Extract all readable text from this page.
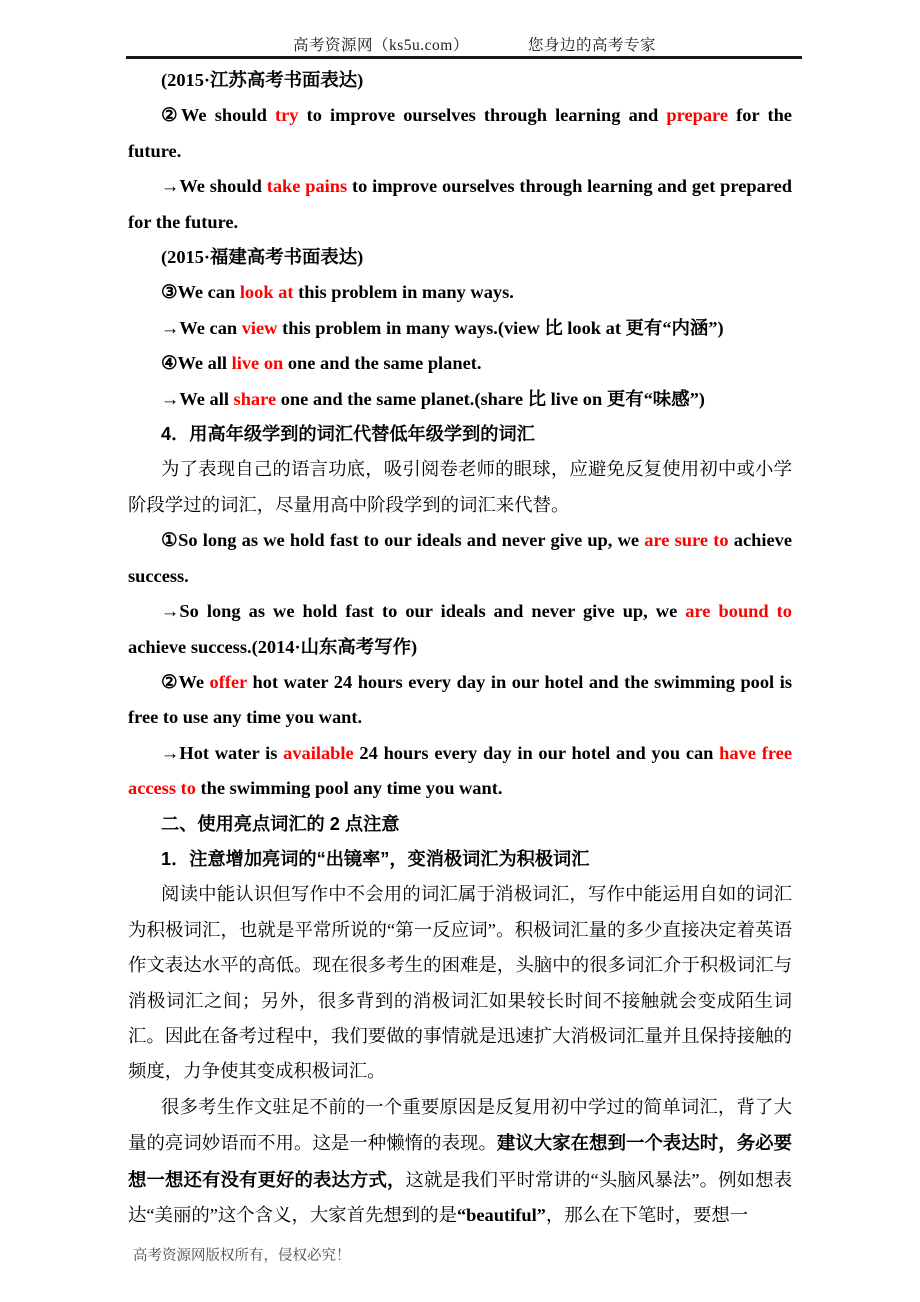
高考资源网（ks5u.com）	您身边的高考专家

(2015·江苏高考书面表达)

②We should try to improve ourselves through learning and prepare for the future.

→We should take pains to improve ourselves through learning and get prepared for the future.

(2015·福建高考书面表达)

③We can look at this problem in many ways.

→We can view this problem in many ways.(view 比 look at 更有“内涵”)

④We all live on one and the same planet.

→We all share one and the same planet.(share 比 live on 更有“味感”)

4．用高年级学到的词汇代替低年级学到的词汇

为了表现自己的语言功底，吸引阅卷老师的眼球，应避免反复使用初中或小学阶段学过的词汇，尽量用高中阶段学到的词汇来代替。

①So long as we hold fast to our ideals and never give up, we are sure to achieve success.

→So long as we hold fast to our ideals and never give up, we are bound to achieve success.(2014·山东高考写作)

②We offer hot water 24 hours every day in our hotel and the swimming pool is free to use any time you want.

→Hot water is available 24 hours every day in our hotel and you can have free access to the swimming pool any time you want.

二、使用亮点词汇的 2 点注意

1．注意增加亮词的“出镜率”，变消极词汇为积极词汇

阅读中能认识但写作中不会用的词汇属于消极词汇，写作中能运用自如的词汇为积极词汇，也就是平常所说的“第一反应词”。积极词汇量的多少直接决定着英语作文表达水平的高低。现在很多考生的困难是，头脑中的很多词汇介于积极词汇与消极词汇之间；另外，很多背到的消极词汇如果较长时间不接触就会变成陌生词汇。因此在备考过程中，我们要做的事情就是迅速扩大消极词汇量并且保持接触的频度，力争使其变成积极词汇。

很多考生作文驻足不前的一个重要原因是反复用初中学过的简单词汇，背了大量的亮词妙语而不用。这是一种懒惰的表现。建议大家在想到一个表达时，务必要想一想还有没有更好的表达方式，这就是我们平时常讲的“头脑风暴法”。例如想表达“美丽的”这个含义，大家首先想到的是“beautiful”，那么在下笔时，要想一

高考资源网版权所有，侵权必究！
